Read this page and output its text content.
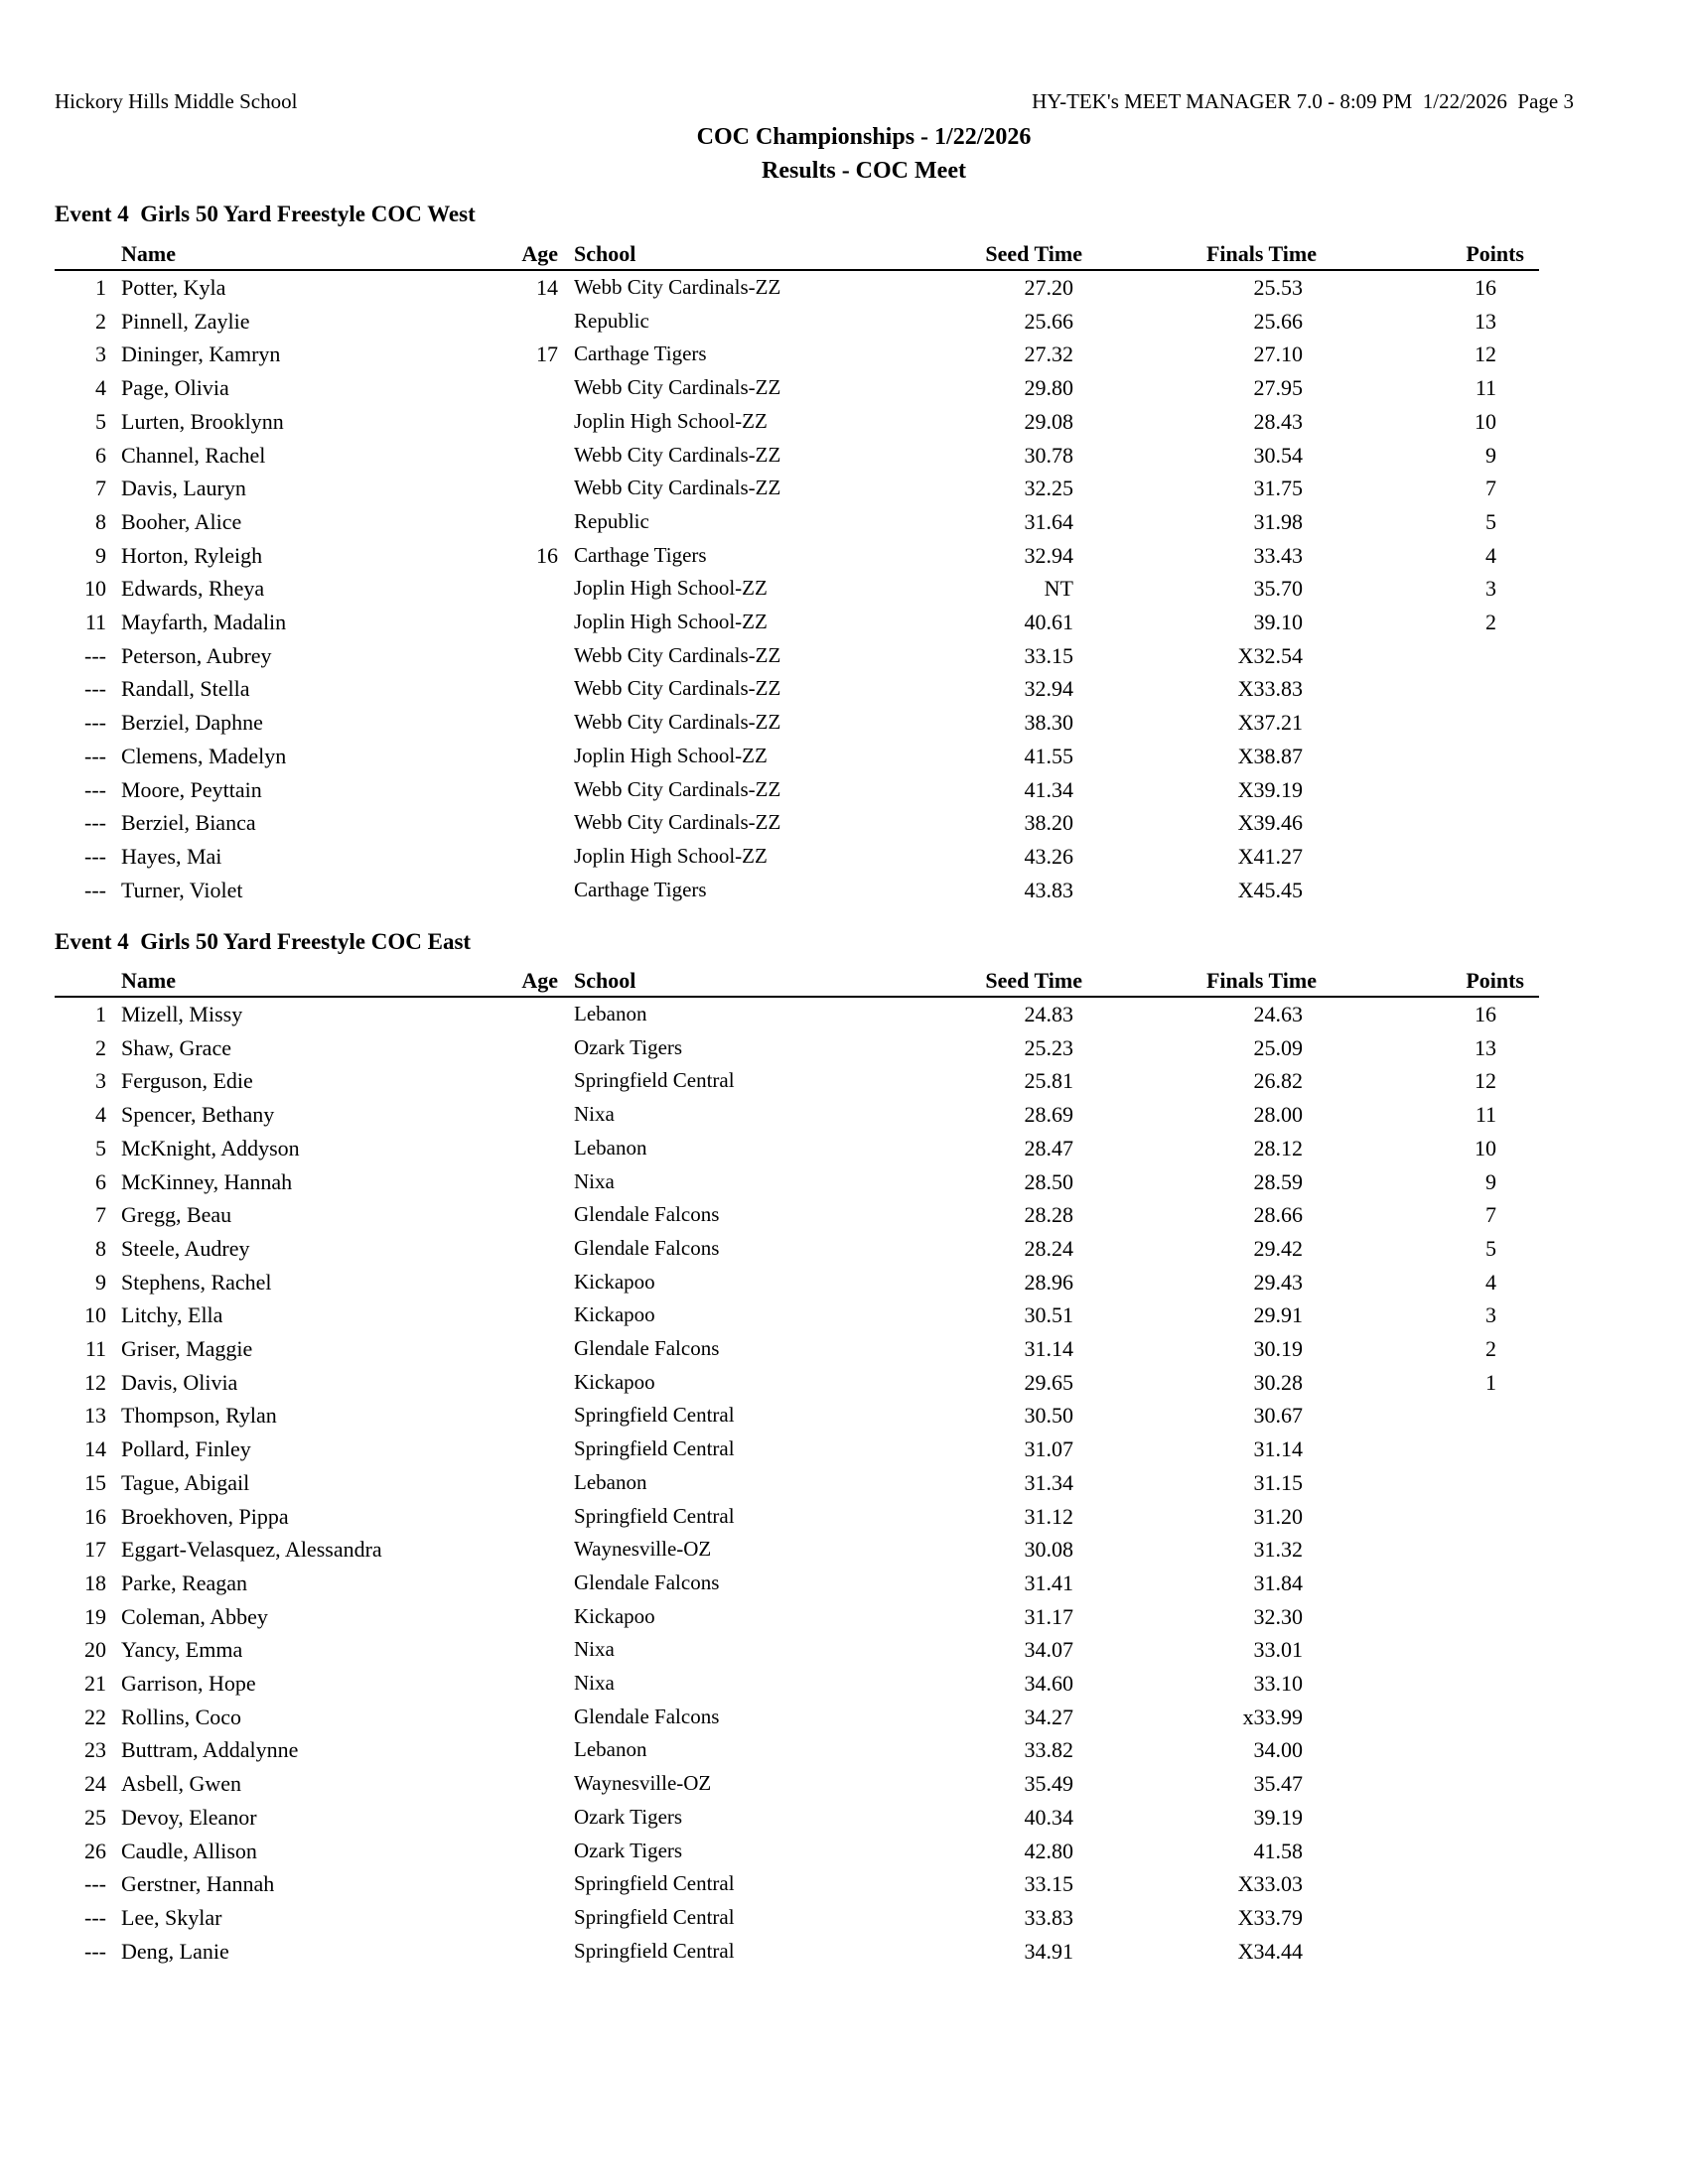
Hickory Hills Middle School	HY-TEK's MEET MANAGER 7.0 - 8:09 PM  1/22/2026  Page 3
COC Championships - 1/22/2026
Results - COC Meet
Event 4  Girls 50 Yard Freestyle COC West
	Name	Age	School	Seed Time	Finals Time	Points
1	Potter, Kyla	14	Webb City Cardinals-ZZ	27.20	25.53	16
2	Pinnell, Zaylie		Republic	25.66	25.66	13
3	Dininger, Kamryn	17	Carthage Tigers	27.32	27.10	12
4	Page, Olivia		Webb City Cardinals-ZZ	29.80	27.95	11
5	Lurten, Brooklynn		Joplin High School-ZZ	29.08	28.43	10
6	Channel, Rachel		Webb City Cardinals-ZZ	30.78	30.54	9
7	Davis, Lauryn		Webb City Cardinals-ZZ	32.25	31.75	7
8	Booher, Alice		Republic	31.64	31.98	5
9	Horton, Ryleigh	16	Carthage Tigers	32.94	33.43	4
10	Edwards, Rheya		Joplin High School-ZZ	NT	35.70	3
11	Mayfarth, Madalin		Joplin High School-ZZ	40.61	39.10	2
---	Peterson, Aubrey		Webb City Cardinals-ZZ	33.15	X32.54	
---	Randall, Stella		Webb City Cardinals-ZZ	32.94	X33.83	
---	Berziel, Daphne		Webb City Cardinals-ZZ	38.30	X37.21	
---	Clemens, Madelyn		Joplin High School-ZZ	41.55	X38.87	
---	Moore, Peyttain		Webb City Cardinals-ZZ	41.34	X39.19	
---	Berziel, Bianca		Webb City Cardinals-ZZ	38.20	X39.46	
---	Hayes, Mai		Joplin High School-ZZ	43.26	X41.27	
---	Turner, Violet		Carthage Tigers	43.83	X45.45	
Event 4  Girls 50 Yard Freestyle COC East
	Name	Age	School	Seed Time	Finals Time	Points
1	Mizell, Missy		Lebanon	24.83	24.63	16
2	Shaw, Grace		Ozark Tigers	25.23	25.09	13
3	Ferguson, Edie		Springfield Central	25.81	26.82	12
4	Spencer, Bethany		Nixa	28.69	28.00	11
5	McKnight, Addyson		Lebanon	28.47	28.12	10
6	McKinney, Hannah		Nixa	28.50	28.59	9
7	Gregg, Beau		Glendale Falcons	28.28	28.66	7
8	Steele, Audrey		Glendale Falcons	28.24	29.42	5
9	Stephens, Rachel		Kickapoo	28.96	29.43	4
10	Litchy, Ella		Kickapoo	30.51	29.91	3
11	Griser, Maggie		Glendale Falcons	31.14	30.19	2
12	Davis, Olivia		Kickapoo	29.65	30.28	1
13	Thompson, Rylan		Springfield Central	30.50	30.67	
14	Pollard, Finley		Springfield Central	31.07	31.14	
15	Tague, Abigail		Lebanon	31.34	31.15	
16	Broekhoven, Pippa		Springfield Central	31.12	31.20	
17	Eggart-Velasquez, Alessandra		Waynesville-OZ	30.08	31.32	
18	Parke, Reagan		Glendale Falcons	31.41	31.84	
19	Coleman, Abbey		Kickapoo	31.17	32.30	
20	Yancy, Emma		Nixa	34.07	33.01	
21	Garrison, Hope		Nixa	34.60	33.10	
22	Rollins, Coco		Glendale Falcons	34.27	x33.99	
23	Buttram, Addalynne		Lebanon	33.82	34.00	
24	Asbell, Gwen		Waynesville-OZ	35.49	35.47	
25	Devoy, Eleanor		Ozark Tigers	40.34	39.19	
26	Caudle, Allison		Ozark Tigers	42.80	41.58	
---	Gerstner, Hannah		Springfield Central	33.15	X33.03	
---	Lee, Skylar		Springfield Central	33.83	X33.79	
---	Deng, Lanie		Springfield Central	34.91	X34.44	
